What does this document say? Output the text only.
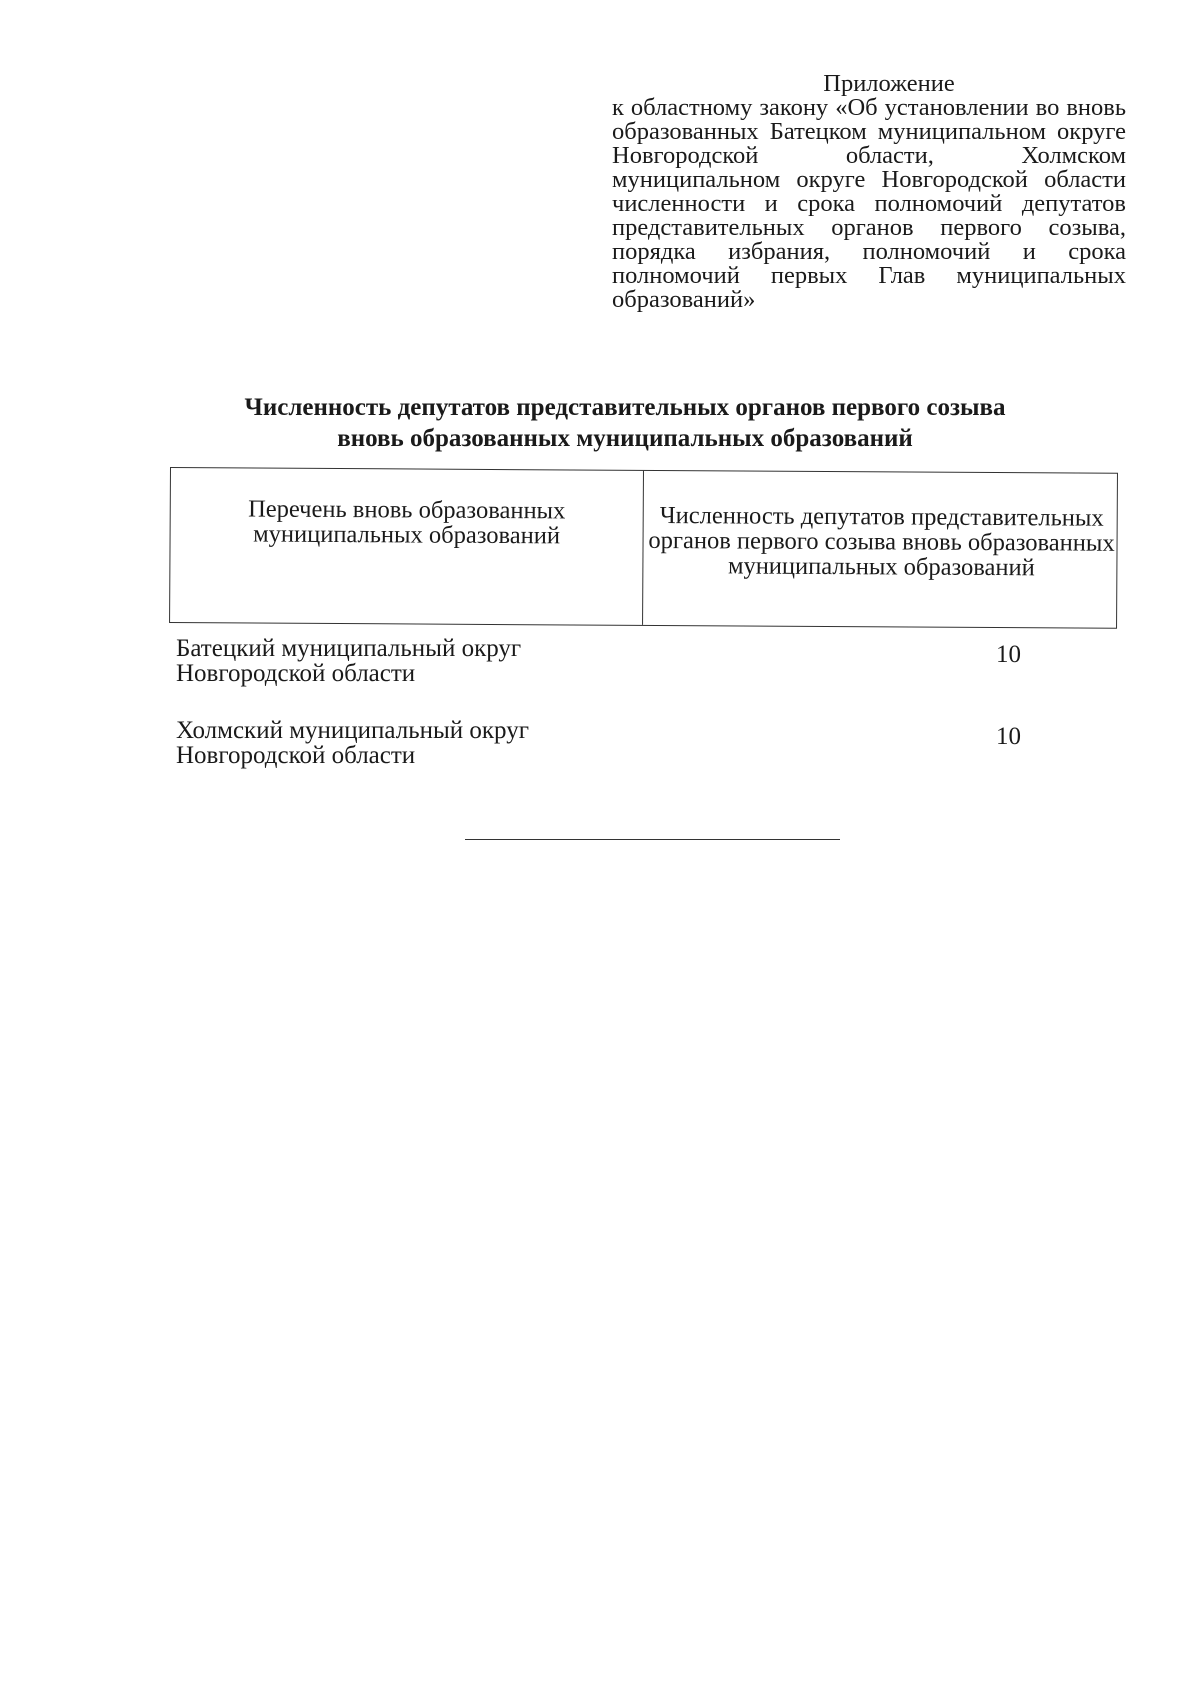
Приложение
к областному закону «Об установлении во вновь образованных Батецком муниципальном округе Новгородской области, Холмском муниципальном округе Новгородской области численности и срока полномочий депутатов представительных органов первого созыва, порядка избрания, полномочий и срока полномочий первых Глав муниципальных образований»
Численность депутатов представительных органов первого созыва
вновь образованных муниципальных образований
Перечень вновь образованных муниципальных образований
Численность депутатов представительных органов первого созыва вновь образованных муниципальных образований
Батецкий муниципальный округ Новгородской области
10
Холмский муниципальный округ Новгородской области
10
